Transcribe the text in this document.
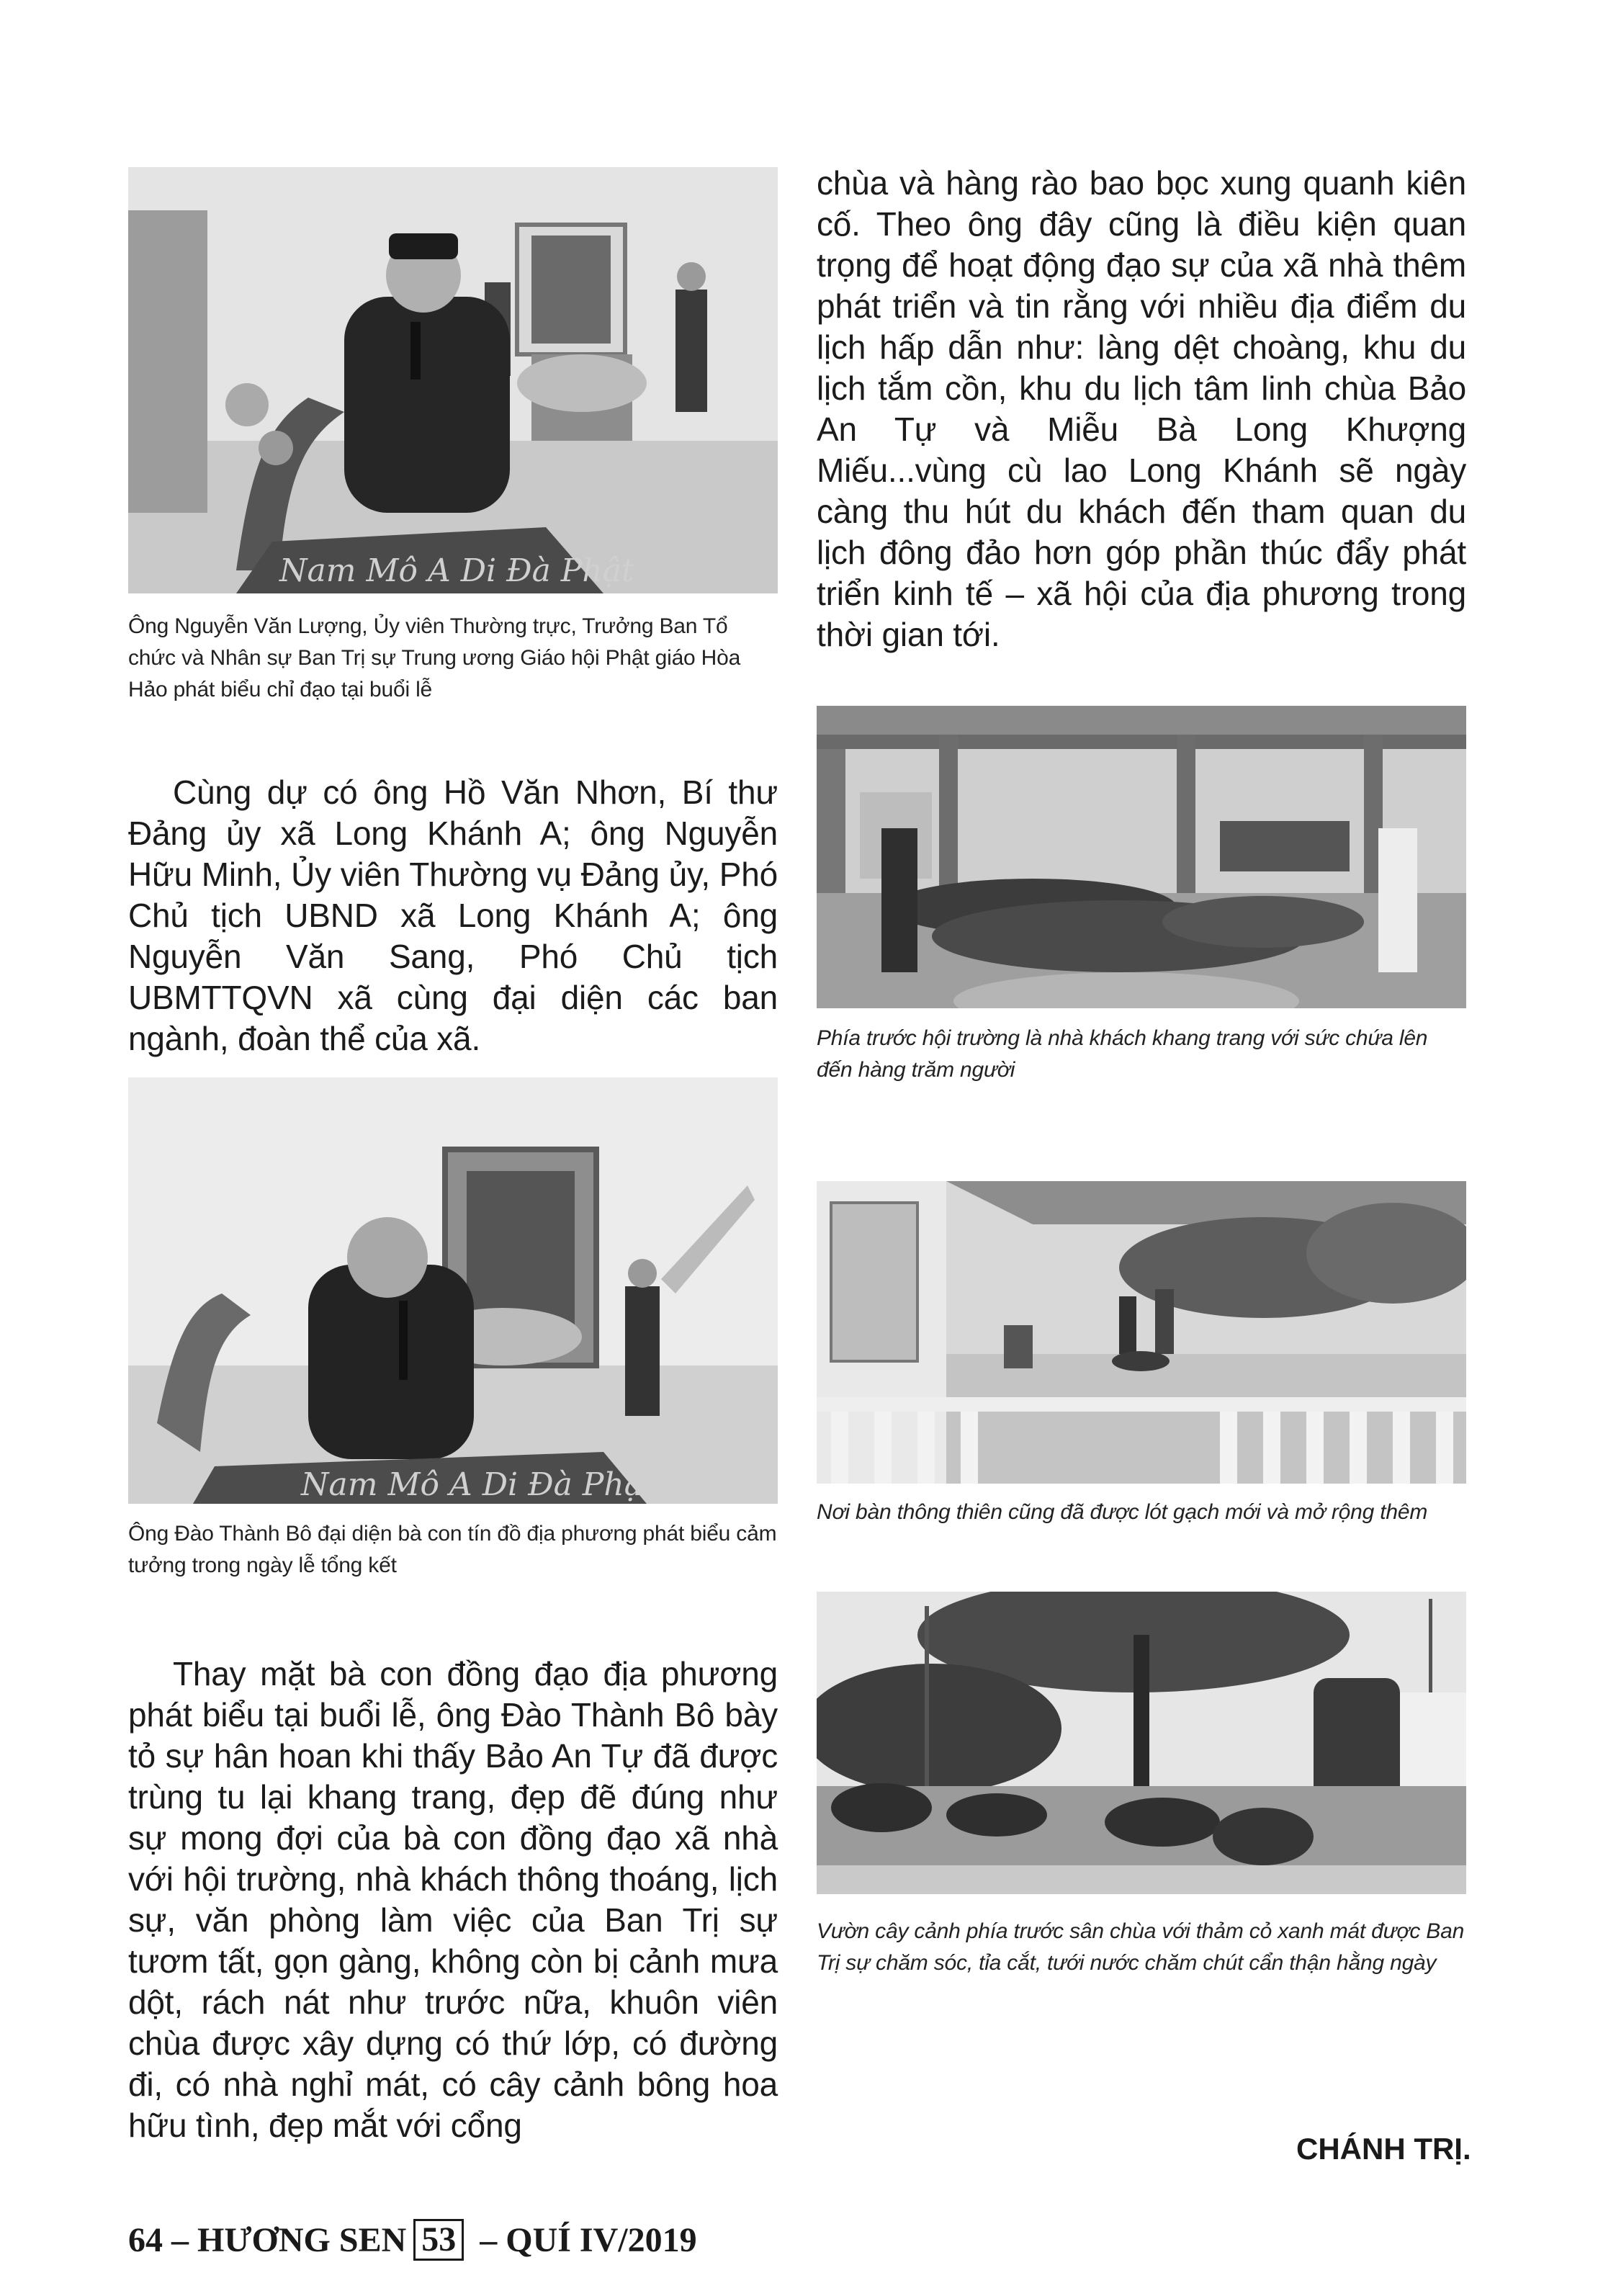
Nam Mô A Di Đà Phật
Ông Nguyễn Văn Lượng, Ủy viên Thường trực, Trưởng Ban Tổ chức và Nhân sự Ban Trị sự Trung ương Giáo hội Phật giáo Hòa Hảo phát biểu chỉ đạo tại buổi lễ

Cùng dự có ông Hồ Văn Nhơn, Bí thư Đảng ủy xã Long Khánh A; ông Nguyễn Hữu Minh, Ủy viên Thường vụ Đảng ủy, Phó Chủ tịch UBND xã Long Khánh A; ông Nguyễn Văn Sang, Phó Chủ tịch UBMTTQVN xã cùng đại diện các ban ngành, đoàn thể của xã.

Nam Mô A Di Đà Phật
Ông Đào Thành Bô đại diện bà con tín đồ địa phương phát biểu cảm tưởng trong ngày lễ tổng kết

Thay mặt bà con đồng đạo địa phương phát biểu tại buổi lễ, ông Đào Thành Bô bày tỏ sự hân hoan khi thấy Bảo An Tự đã được trùng tu lại khang trang, đẹp đẽ đúng như sự mong đợi của bà con đồng đạo xã nhà với hội trường, nhà khách thông thoáng, lịch sự, văn phòng làm việc của Ban Trị sự tươm tất, gọn gàng, không còn bị cảnh mưa dột, rách nát như trước nữa, khuôn viên chùa được xây dựng có thứ lớp, có đường đi, có nhà nghỉ mát, có cây cảnh bông hoa hữu tình, đẹp mắt với cổng

chùa và hàng rào bao bọc xung quanh kiên cố. Theo ông đây cũng là điều kiện quan trọng để hoạt động đạo sự của xã nhà thêm phát triển và tin rằng với nhiều địa điểm du lịch hấp dẫn như: làng dệt choàng, khu du lịch tắm cồn, khu du lịch tâm linh chùa Bảo An Tự và Miễu Bà Long Khượng Miếu...vùng cù lao Long Khánh sẽ ngày càng thu hút du khách đến tham quan du lịch đông đảo hơn góp phần thúc đẩy phát triển kinh tế – xã hội của địa phương trong thời gian tới.

Phía trước hội trường là nhà khách khang trang với sức chứa lên đến hàng trăm người
Nơi bàn thông thiên cũng đã được lót gạch mới và mở rộng thêm
Vườn cây cảnh phía trước sân chùa với thảm cỏ xanh mát được Ban Trị sự chăm sóc, tỉa cắt, tưới nước chăm chút cẩn thận hằng ngày
CHÁNH TRỊ.
64 – HƯƠNG SEN 53 – QUÍ IV/2019
